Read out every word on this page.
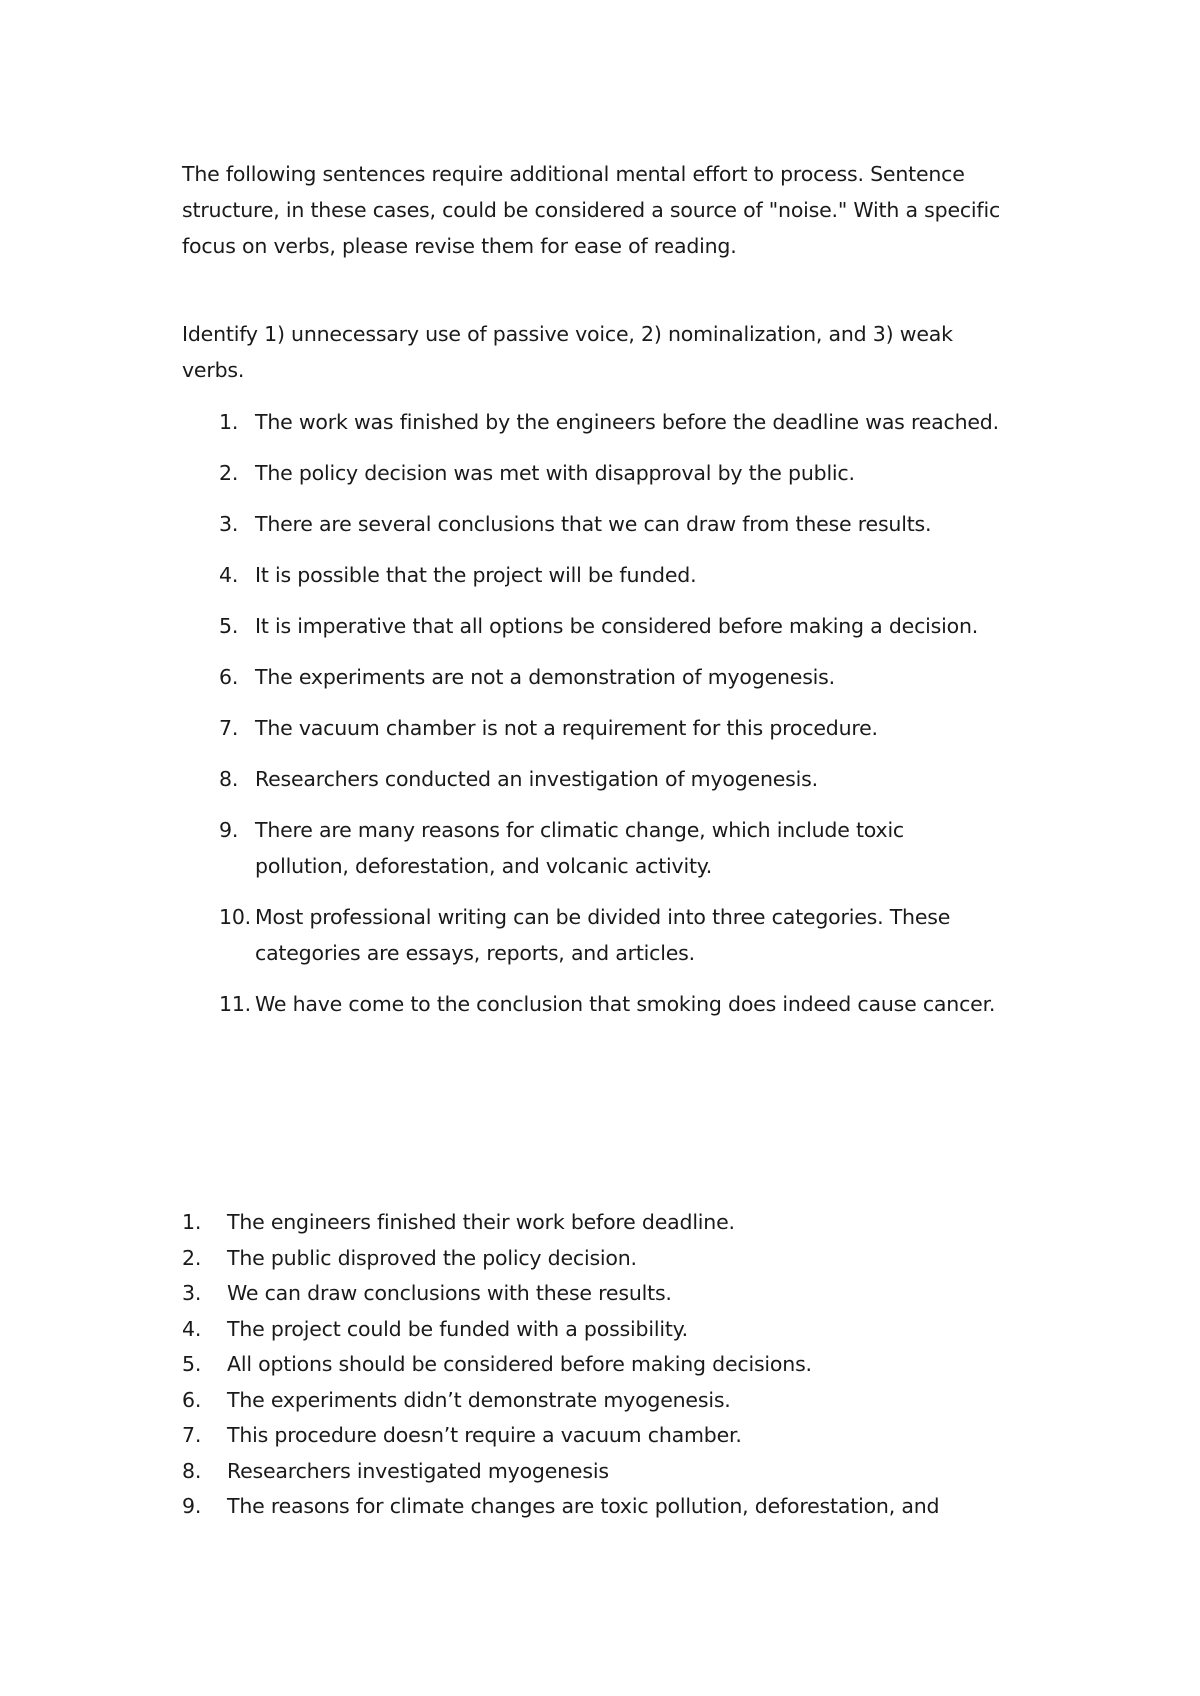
The following sentences require additional mental effort to process. Sentence structure, in these cases, could be considered a source of "noise." With a specific focus on verbs, please revise them for ease of reading.

Identify 1) unnecessary use of passive voice, 2) nominalization, and 3) weak verbs.

1. The work was finished by the engineers before the deadline was reached.
2. The policy decision was met with disapproval by the public.
3. There are several conclusions that we can draw from these results.
4. It is possible that the project will be funded.
5. It is imperative that all options be considered before making a decision.
6. The experiments are not a demonstration of myogenesis.
7. The vacuum chamber is not a requirement for this procedure.
8. Researchers conducted an investigation of myogenesis.
9. There are many reasons for climatic change, which include toxic pollution, deforestation, and volcanic activity.
10. Most professional writing can be divided into three categories. These categories are essays, reports, and articles.
11. We have come to the conclusion that smoking does indeed cause cancer.
1. The engineers finished their work before deadline.
2. The public disproved the policy decision.
3. We can draw conclusions with these results.
4. The project could be funded with a possibility.
5. All options should be considered before making decisions.
6. The experiments didn’t demonstrate myogenesis.
7. This procedure doesn’t require a vacuum chamber.
8. Researchers investigated myogenesis
9. The reasons for climate changes are toxic pollution, deforestation, and
